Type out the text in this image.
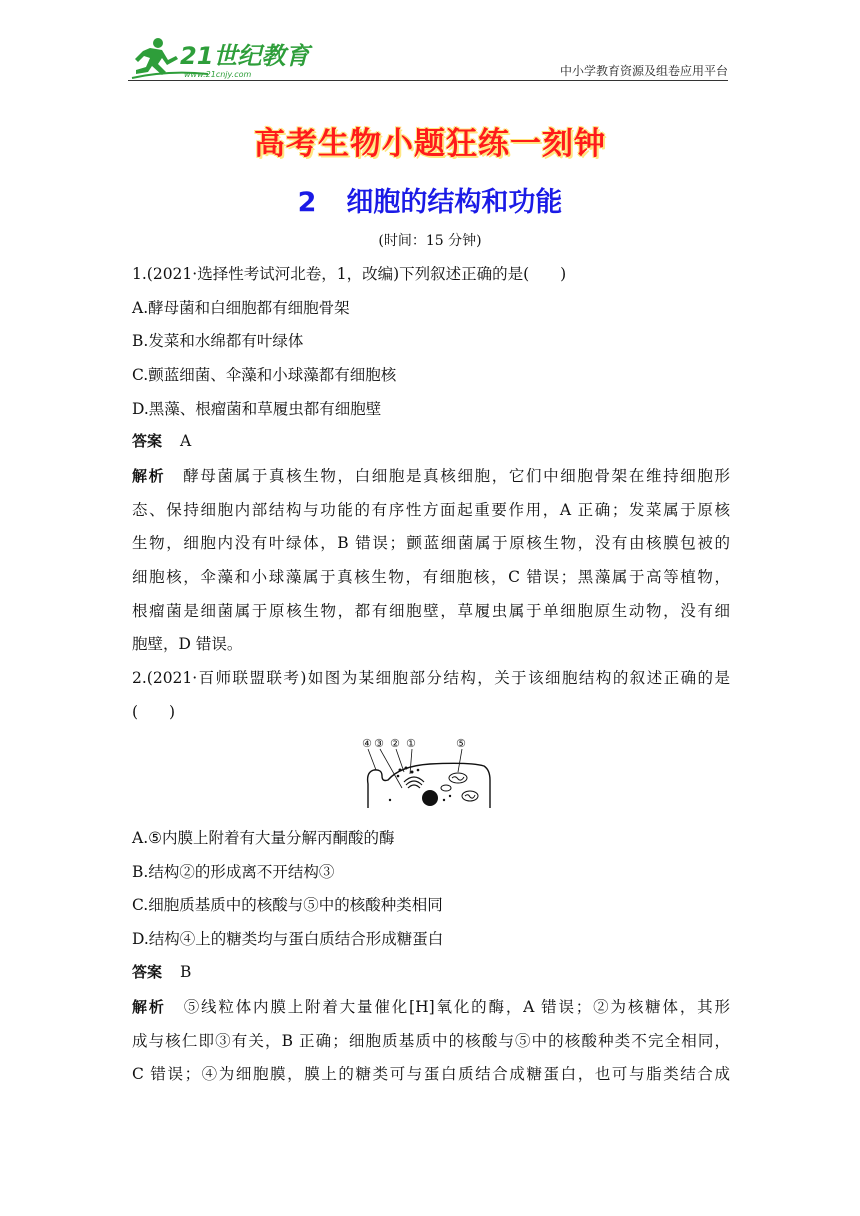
21世纪教育
www.21cnjy.com	中小学教育资源及组卷应用平台
高考生物小题狂练一刻钟
2 细胞的结构和功能
(时间：15 分钟)
1.(2021·选择性考试河北卷，1，改编)下列叙述正确的是(　　)
A.酵母菌和白细胞都有细胞骨架
B.发菜和水绵都有叶绿体
C.颤蓝细菌、伞藻和小球藻都有细胞核
D.黑藻、根瘤菌和草履虫都有细胞壁
答案 A
解析 酵母菌属于真核生物，白细胞是真核细胞，它们中细胞骨架在维持细胞形
态、保持细胞内部结构与功能的有序性方面起重要作用，A 正确；发菜属于原核
生物，细胞内没有叶绿体，B 错误；颤蓝细菌属于原核生物，没有由核膜包被的
细胞核，伞藻和小球藻属于真核生物，有细胞核，C 错误；黑藻属于高等植物，
根瘤菌是细菌属于原核生物，都有细胞壁，草履虫属于单细胞原生动物，没有细
胞壁，D 错误。
2.(2021·百师联盟联考)如图为某细胞部分结构，关于该细胞结构的叙述正确的是
(　　)
④ ③ ② ①	⑤
A.⑤内膜上附着有大量分解丙酮酸的酶
B.结构②的形成离不开结构③
C.细胞质基质中的核酸与⑤中的核酸种类相同
D.结构④上的糖类均与蛋白质结合形成糖蛋白
答案 B
解析 ⑤线粒体内膜上附着大量催化[H]氧化的酶，A 错误；②为核糖体，其形
成与核仁即③有关，B 正确；细胞质基质中的核酸与⑤中的核酸种类不完全相同，
C 错误；④为细胞膜，膜上的糖类可与蛋白质结合成糖蛋白，也可与脂类结合成
